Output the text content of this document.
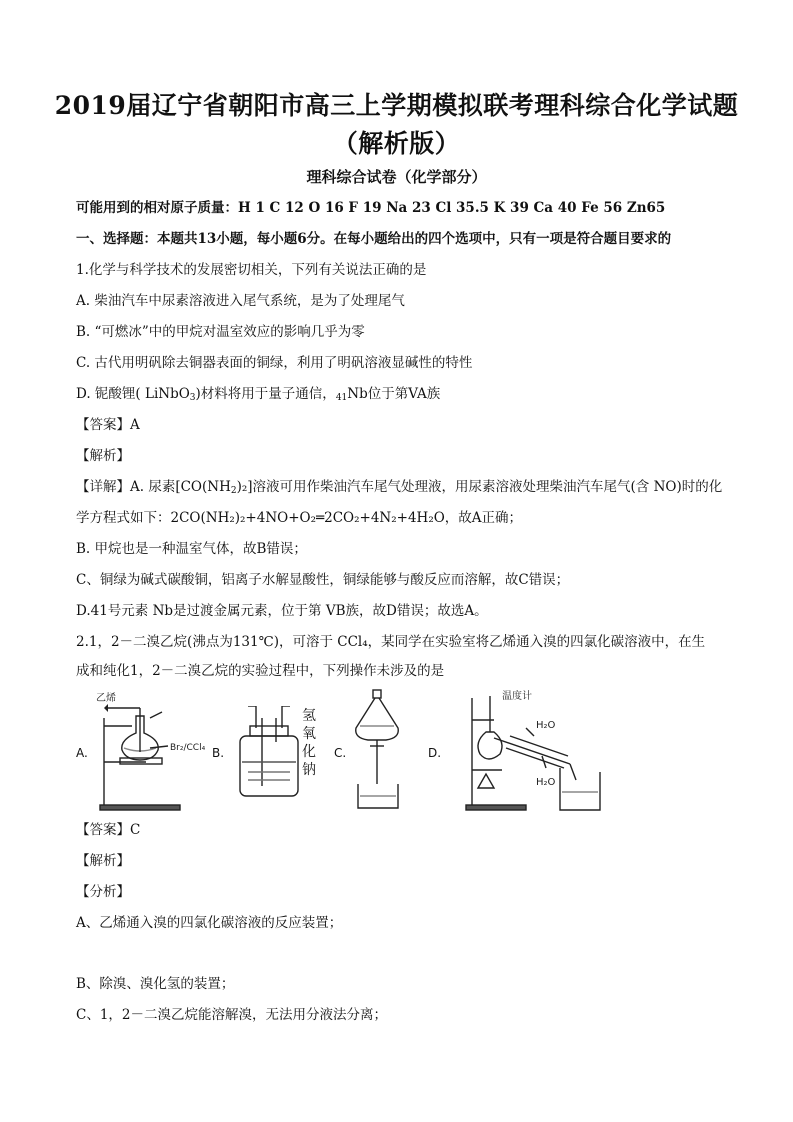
2019届辽宁省朝阳市高三上学期模拟联考理科综合化学试题
（解析版）
理科综合试卷（化学部分）
可能用到的相对原子质量：H 1 C 12 O 16 F 19 Na 23 Cl 35.5 K 39 Ca 40 Fe 56 Zn65
一、选择题：本题共13小题，每小题6分。在每小题给出的四个选项中，只有一项是符合题目要求的
1.化学与科学技术的发展密切相关，下列有关说法正确的是
A. 柴油汽车中尿素溶液进入尾气系统，是为了处理尾气
B. “可燃冰”中的甲烷对温室效应的影响几乎为零
C. 古代用明矾除去铜器表面的铜绿，利用了明矾溶液显碱性的特性
D. 铌酸锂( LiNbO$_3$)材料将用于量子通信，$_{41}$Nb位于第VA族
【答案】A
【解析】
【详解】A. 尿素$[CO(NH_2)_2]$溶液可用作柴油汽车尾气处理液，用尿素溶液处理柴油汽车尾气(含 NO)时的化
学方程式如下：2CO(NH₂)₂+4NO+O₂═2CO₂+4N₂+4H₂O，故A正确；
B. 甲烷也是一种温室气体，故B错误；
C、铜绿为碱式碳酸铜，铝离子水解显酸性，铜绿能够与酸反应而溶解，故C错误；
D.41号元素 Nb是过渡金属元素，位于第 VB族，故D错误；故选A。
2.1，2－二溴乙烷(沸点为131℃)，可溶于 CCl₄，某同学在实验室将乙烯通入溴的四氯化碳溶液中，在生
成和纯化1，2－二溴乙烷的实验过程中，下列操作未涉及的是
A.	B.	C.	D.
乙烯
Br₂/CCl₄
氢
氧
化
钠
温度计
H₂O
H₂O
【答案】C
【解析】
【分析】
A、乙烯通入溴的四氯化碳溶液的反应装置；
B、除溴、溴化氢的装置；
C、1，2－二溴乙烷能溶解溴，无法用分液法分离；
